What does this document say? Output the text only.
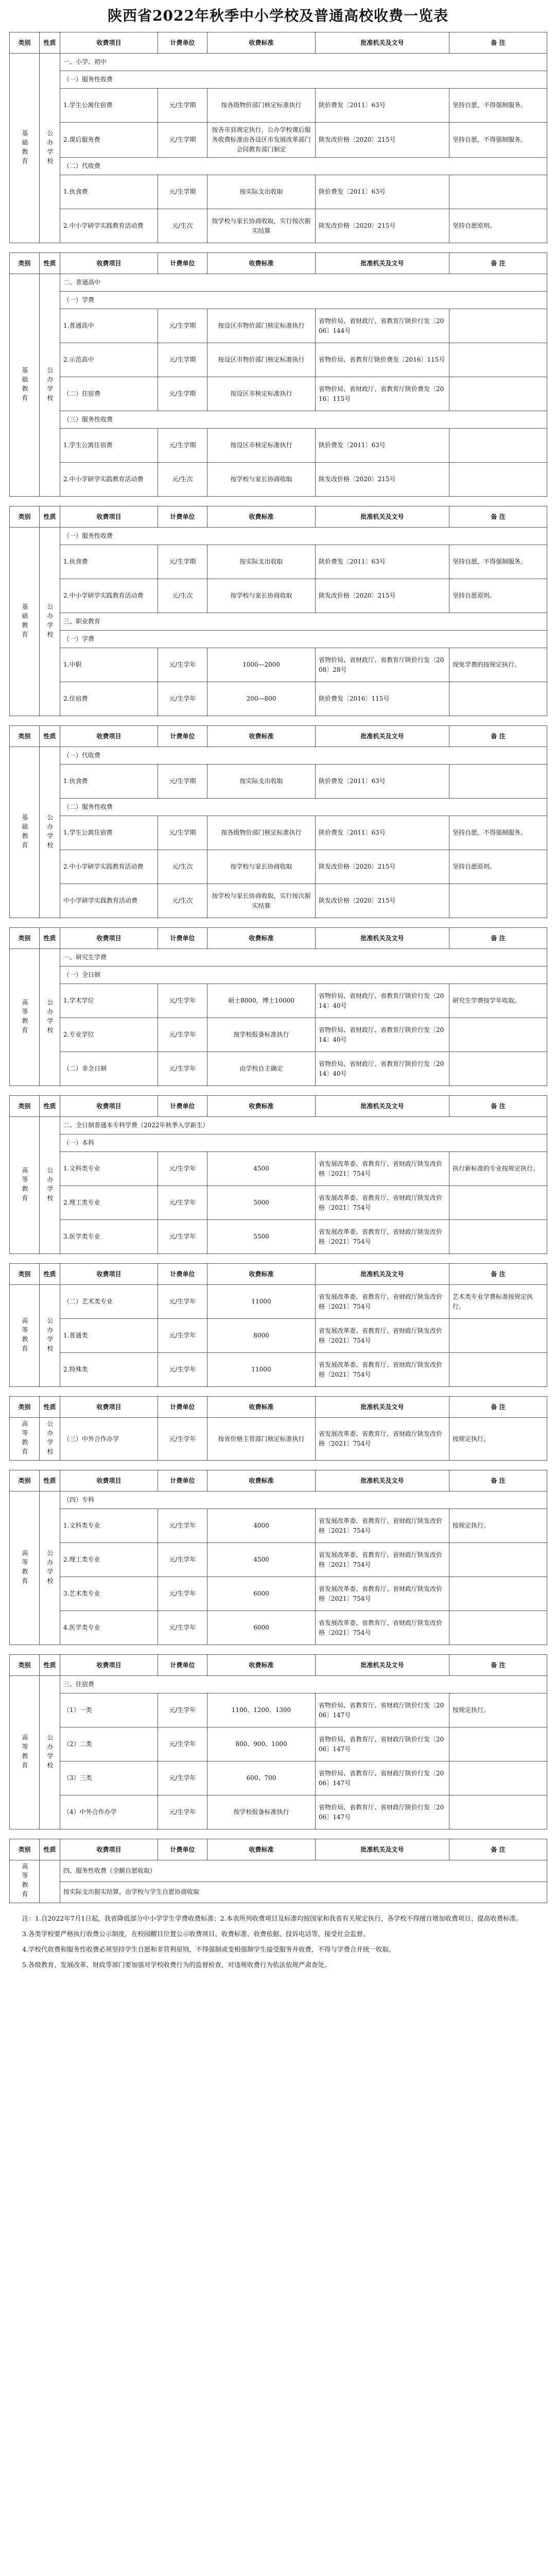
陕西省2022年秋季中小学校及普通高校收费一览表
类别	性质	收费项目	计费单位	收费标准	批准机关及文号	备 注
基础教育	公办学校	一、小学、初中				
		（一）服务性收费				
		1.学生公寓住宿费	元/生学期	按各级物价部门核定标准执行	陕价费发〔2011〕63号	坚持自愿，不得强制服务。
		2.课后服务费	元/生学期	按各市县规定执行，公办学校课后服务收费标准由各设区市发展改革部门会同教育部门制定	陕发改价格〔2020〕215号	坚持自愿，不得强制服务。
		（二）代收费				
		1.伙食费	元/生学期	按实际支出收取	陕价费发〔2011〕63号	
		2.中小学研学实践教育活动费	元/生次	按学校与家长协商收取，实行按次据实结算	陕发改价格〔2020〕215号	坚持自愿原则。
类别	性质	收费项目	计费单位	收费标准	批准机关及文号	备 注
基础教育	公办学校	二、普通高中				
		（一）学费				
		1.普通高中	元/生学期	按设区市物价部门核定标准执行	省物价局、省财政厅、省教育厅陕价行发〔2006〕144号	
		2.示范高中	元/生学期	按设区市物价部门核定标准执行	省物价局、省教育厅陕价费发〔2016〕115号	
		（二）住宿费	元/生学期	按设区市核定标准执行	省物价局、省财政厅、省教育厅陕价费发〔2016〕115号	
		（三）服务性收费				
		1.学生公寓住宿费	元/生学期	按设区市核定标准执行	陕价费发〔2011〕63号	
		2.中小学研学实践教育活动费	元/生次	按学校与家长协商收取	陕发改价格〔2020〕215号	
类别	性质	收费项目	计费单位	收费标准	批准机关及文号	备 注
基础教育	公办学校	（一）服务性收费				
		1.伙食费	元/生学期	按实际支出收取	陕价费发〔2011〕63号	坚持自愿，不得强制服务。
		2.中小学研学实践教育活动费	元/生次	按学校与家长协商收取	陕发改价格〔2020〕215号	坚持自愿原则。
		三、职业教育				
		（一）学费				
		1.中职	元/生学年	1000—2000	省物价局、省财政厅、省教育厅陕价行发〔2008〕28号	现免学费的按规定执行。
		2.住宿费	元/生学年	200—800	陕价费发〔2016〕115号	
类别	性质	收费项目	计费单位	收费标准	批准机关及文号	备 注
基础教育	公办学校	（一）代收费				
		1.伙食费	元/生学期	按实际支出收取	陕价费发〔2011〕63号	
		（二）服务性收费				
		1.学生公寓住宿费	元/生学期	按各级物价部门核定标准执行	陕价费发〔2011〕63号	坚持自愿，不得强制服务。
		2.中小学研学实践教育活动费	元/生次	按学校与家长协商收取	陕发改价格〔2020〕215号	坚持自愿原则。
		中小学研学实践教育活动费	元/生次	按学校与家长协商收取，实行按次据实结算	陕发改价格〔2020〕215号	
类别	性质	收费项目	计费单位	收费标准	批准机关及文号	备 注
高等教育	公办学校	一、研究生学费				
		（一）全日制				
		1.学术学位	元/生学年	硕士8000，博士10000	省物价局、省财政厅、省教育厅陕价行发〔2014〕40号	研究生学费按学年收取。
		2.专业学位	元/生学年	按学校报备标准执行	省物价局、省财政厅、省教育厅陕价行发〔2014〕40号	
		（二）非全日制	元/生学年	由学校自主确定	省物价局、省财政厅、省教育厅陕价行发〔2014〕40号	
类别	性质	收费项目	计费单位	收费标准	批准机关及文号	备 注
高等教育	公办学校	二、全日制普通本专科学费（2022年秋季入学新生）				
		（一）本科				
		1.文科类专业	元/生学年	4500	省发展改革委、省教育厅、省财政厅陕发改价格〔2021〕754号	执行新标准的专业按规定执行。
		2.理工类专业	元/生学年	5000	省发展改革委、省教育厅、省财政厅陕发改价格〔2021〕754号	
		3.医学类专业	元/生学年	5500	省发展改革委、省教育厅、省财政厅陕发改价格〔2021〕754号	
类别	性质	收费项目	计费单位	收费标准	批准机关及文号	备 注
高等教育	公办学校	（二）艺术类专业	元/生学年	11000	省发展改革委、省教育厅、省财政厅陕发改价格〔2021〕754号	艺术类专业学费标准按规定执行。
		1.普通类	元/生学年	8000	省发展改革委、省教育厅、省财政厅陕发改价格〔2021〕754号	
		2.特殊类	元/生学年	11000	省发展改革委、省教育厅、省财政厅陕发改价格〔2021〕754号	
类别	性质	收费项目	计费单位	收费标准	批准机关及文号	备 注
高等教育	公办学校	（三）中外合作办学	元/生学年	按省价格主管部门核定标准执行	省发展改革委、省教育厅、省财政厅陕发改价格〔2021〕754号	按规定执行。
类别	性质	收费项目	计费单位	收费标准	批准机关及文号	备 注
高等教育	公办学校	（四）专科				
		1.文科类专业	元/生学年	4000	省发展改革委、省教育厅、省财政厅陕发改价格〔2021〕754号	按规定执行。
		2.理工类专业	元/生学年	4500	省发展改革委、省教育厅、省财政厅陕发改价格〔2021〕754号	
		3.艺术类专业	元/生学年	6000	省发展改革委、省教育厅、省财政厅陕发改价格〔2021〕754号	
		4.医学类专业	元/生学年	6000	省发展改革委、省教育厅、省财政厅陕发改价格〔2021〕754号	
类别	性质	收费项目	计费单位	收费标准	批准机关及文号	备 注
高等教育	公办学校	三、住宿费				
		（1）一类	元/生学年	1100、1200、1300	省物价局、省教育厅、省财政厅陕价行发〔2006〕147号	按规定执行。
		（2）二类	元/生学年	800、900、1000	省物价局、省教育厅、省财政厅陕价行发〔2006〕147号	
		（3）三类	元/生学年	600、700	省物价局、省教育厅、省财政厅陕价行发〔2006〕147号	
		（4）中外合作办学	元/生学年	按学校报备标准执行	省物价局、省教育厅、省财政厅陕价行发〔2006〕147号	
类别	性质	收费项目	计费单位	收费标准	批准机关及文号	备 注
高等教育		四、服务性收费（全额自愿收取）				
		按实际支出据实结算，由学校与学生自愿协商收取				

注：1.自2022年7月1日起，我省降低部分中小学学生学费收费标准；2.本表所列收费项目及标准均按国家和我省有关规定执行，各学校不得擅自增加收费项目、提高收费标准。

3.各类学校要严格执行收费公示制度，在校园醒目位置公示收费项目、收费标准、收费依据、投诉电话等，接受社会监督。

4.学校代收费和服务性收费必须坚持学生自愿和非营利原则，不得强制或变相强制学生接受服务并收费，不得与学费合并统一收取。

5.各级教育、发展改革、财政等部门要加强对学校收费行为的监督检查，对违规收费行为依法依规严肃查处。
